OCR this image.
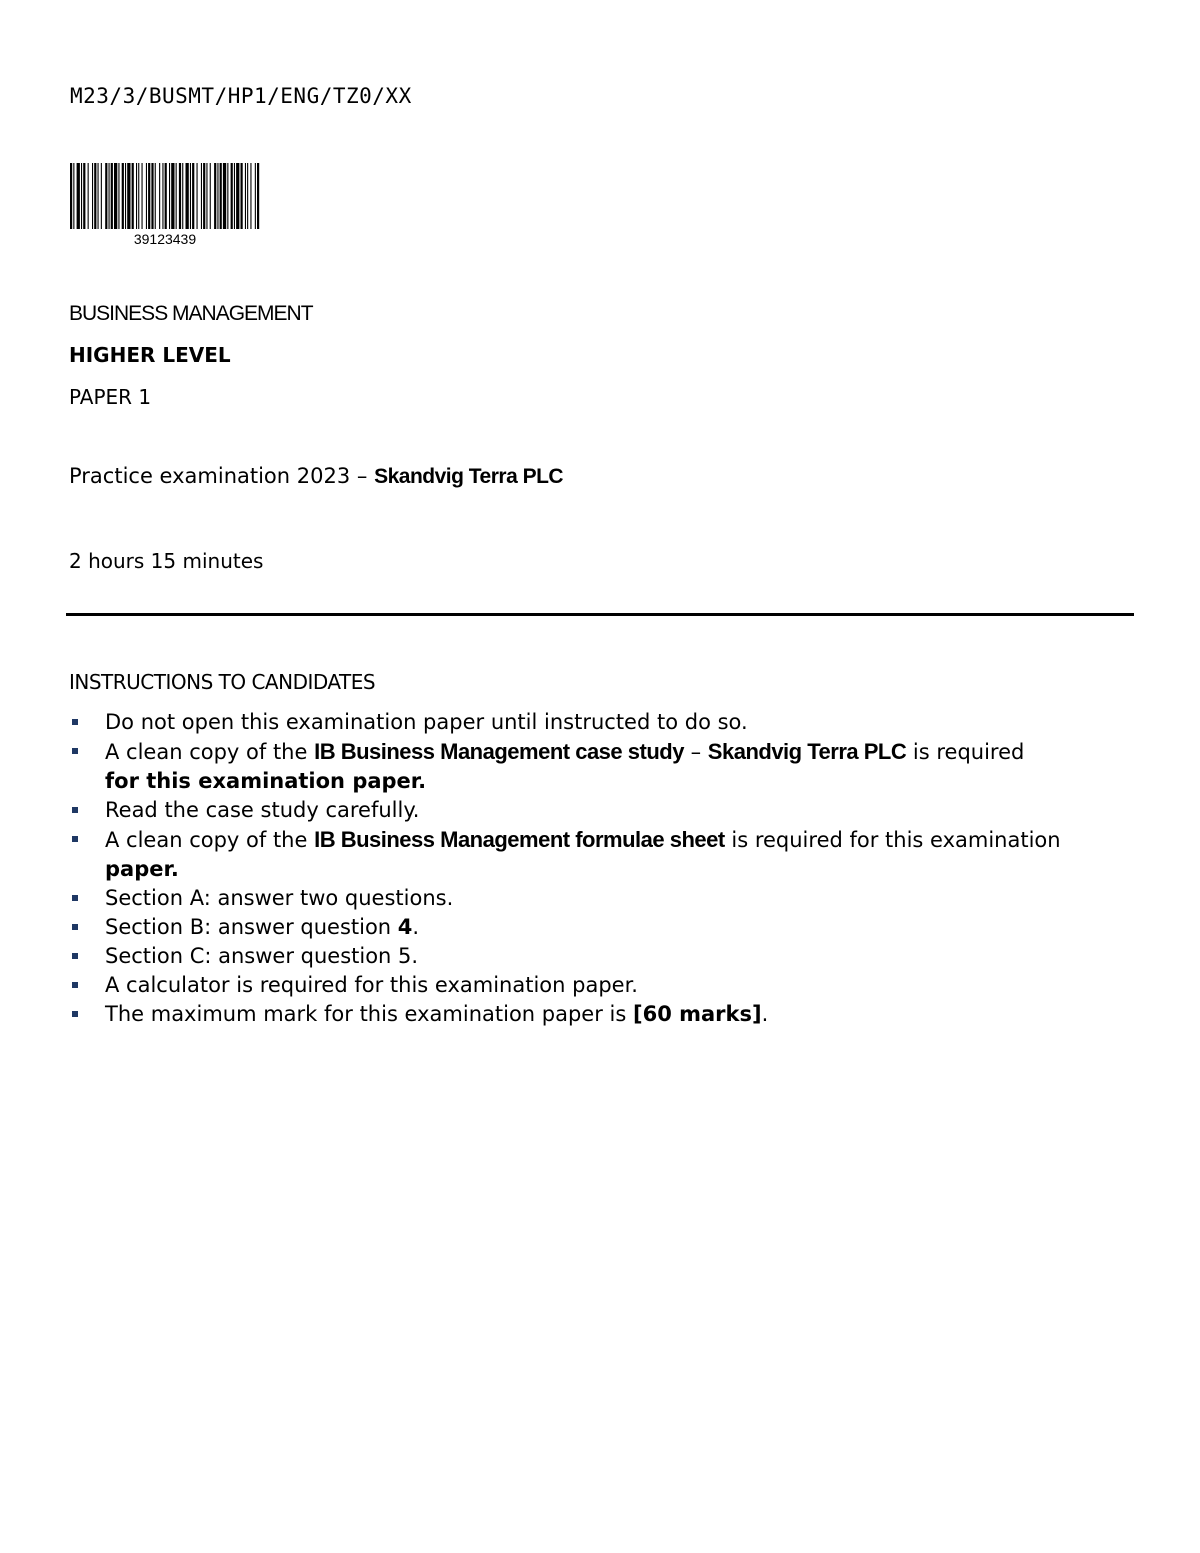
M23/3/BUSMT/HP1/ENG/TZ0/XX
39123439
BUSINESS MANAGEMENT
HIGHER LEVEL
PAPER 1
Practice examination 2023 – Skandvig Terra PLC
2 hours 15 minutes
INSTRUCTIONS TO CANDIDATES
Do not open this examination paper until instructed to do so.
A clean copy of the IB Business Management case study – Skandvig Terra PLC is required
for this examination paper.
Read the case study carefully.
A clean copy of the IB Business Management formulae sheet is required for this examination
paper.
Section A: answer two questions.
Section B: answer question 4.
Section C: answer question 5.
A calculator is required for this examination paper.
The maximum mark for this examination paper is [60 marks].
